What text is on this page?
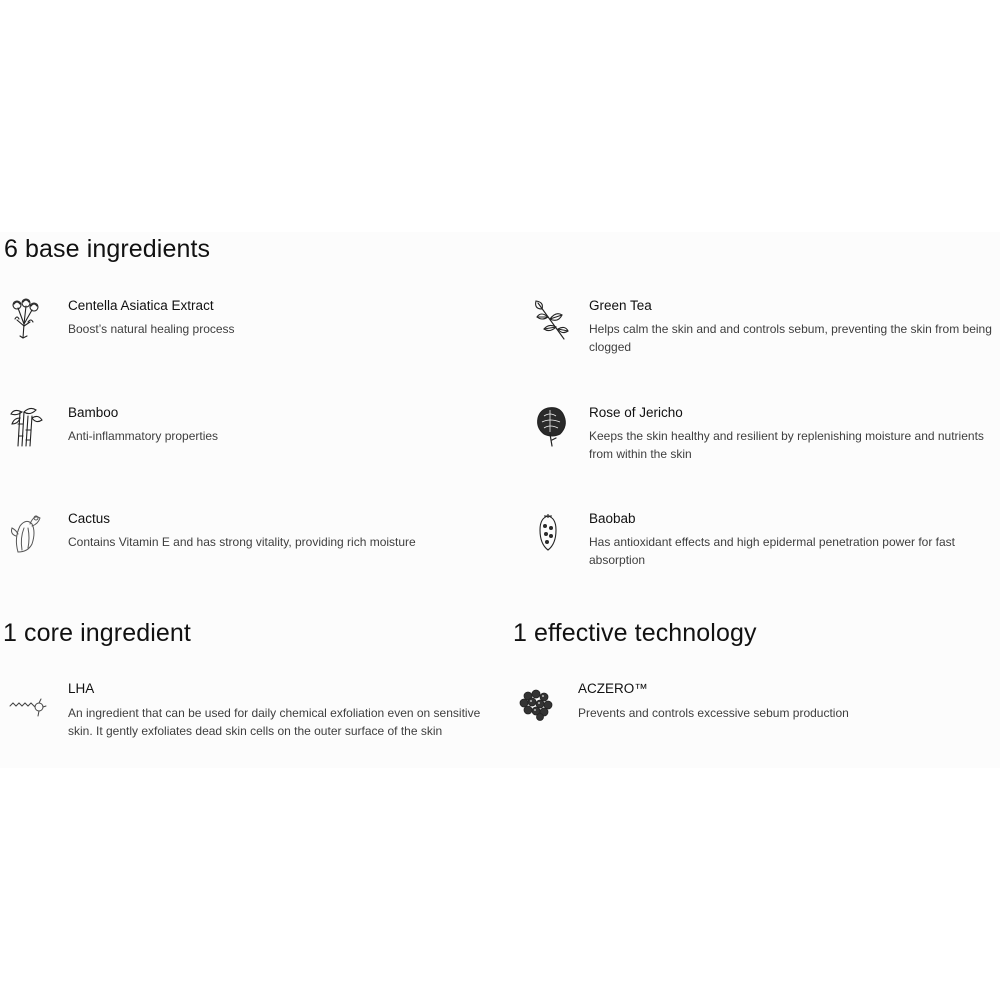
6 base ingredients
Centella Asiatica Extract
Boost’s natural healing process
Green Tea
Helps calm the skin and and controls sebum, preventing the skin from being clogged
Bamboo
Anti-inflammatory properties
Rose of Jericho
Keeps the skin healthy and resilient by replenishing moisture and nutrients from within the skin
Cactus
Contains Vitamin E and has strong vitality, providing rich moisture
Baobab
Has antioxidant effects and high epidermal penetration power for fast absorption
1 core ingredient
LHA
An ingredient that can be used for daily chemical exfoliation even on sensitive skin. It gently exfoliates dead skin cells on the outer surface of the skin
1 effective technology
ACZERO™
Prevents and controls excessive sebum production
